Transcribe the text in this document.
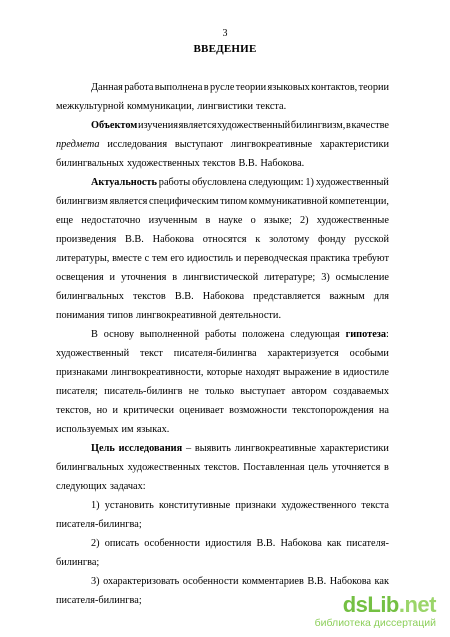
3
ВВЕДЕНИЕ
Данная работа выполнена в русле теории языковых контактов, теории
межкультурной коммуникации, лингвистики текста.
Объектом изучения является художественный билингвизм, в качестве
предмета исследования выступают лингвокреативные характеристики
билингвальных художественных текстов В.В. Набокова.
Актуальность работы обусловлена следующим: 1) художественный
билингвизм является специфическим типом коммуникативной компетенции,
еще недостаточно изученным в науке о языке; 2) художественные
произведения В.В. Набокова относятся к золотому фонду русской
литературы, вместе с тем его идиостиль и переводческая практика требуют
освещения и уточнения в лингвистической литературе; 3) осмысление
билингвальных текстов В.В. Набокова представляется важным для
понимания типов лингвокреативной деятельности.
В основу выполненной работы положена следующая гипотеза:
художественный текст писателя-билингва характеризуется особыми
признаками лингвокреативности, которые находят выражение в идиостиле
писателя; писатель-билингв не только выступает автором создаваемых
текстов, но и критически оценивает возможности текстопорождения на
используемых им языках.
Цель исследования – выявить лингвокреативные характеристики
билингвальных художественных текстов. Поставленная цель уточняется в
следующих задачах:
1) установить конститутивные признаки художественного текста
писателя-билингва;
2) описать особенности идиостиля В.В. Набокова как писателя-
билингва;
3) охарактеризовать особенности комментариев В.В. Набокова как
писателя-билингва;	dsLib.net
библиотека диссертаций
